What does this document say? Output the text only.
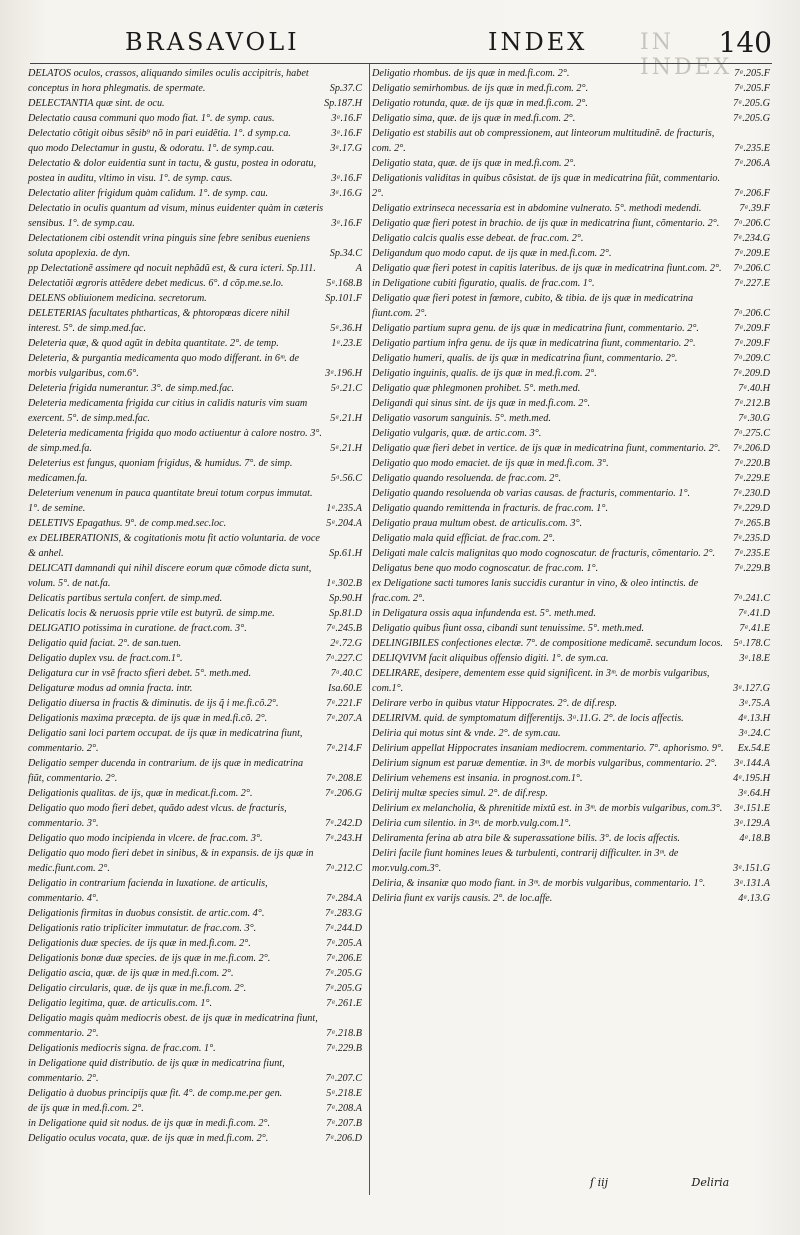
BRASAVOLI	INDEX IN INDEX
140
DELATOS oculos, crassos, aliquando similes oculis accipitris, habet conceptus in hora phlegmatis. de spermate.	Sp.37.C
DELECTANTIA quæ sint. de ocu.	Sp.187.H
Delectatio causa communi quo modo fiat. 1°. de symp. caus.	3ᵃ.16.F
Delectatio cõtigit oibus sẽsib⁹ nõ in pari euidẽtia. 1°. d symp.ca.	3ᵃ.16.F
quo modo Delectamur in gustu, & odoratu. 1°. de symp.cau.	3ᵃ.17.G
Delectatio & dolor euidentia sunt in tactu, & gustu, postea in odoratu, postea in auditu, vltimo in visu. 1°. de symp. caus.	3ᵃ.16.F
Delectatio aliter frigidum quàm calidum. 1°. de symp. cau.	3ᵃ.16.G
Delectatio in oculis quantum ad visum, minus euidenter quàm in cæteris sensibus. 1°. de symp.cau.	3ᵃ.16.F
Delectationem cibi ostendit vrina pinguis sine febre senibus eueniens soluta apoplexia. de dyn.	Sp.34.C
pp Delectationẽ assimere qd nocuit nephãdũ est, & cura icteri. Sp.111.	A
Delectatiõi ægroris attẽdere debet medicus. 6°. d cõp.me.se.lo.	5ᵃ.168.B
DELENS obliuionem medicina. secretorum.	Sp.101.F
DELETERIAS facultates phtharticas, & phtoropœas dicere nihil interest. 5°. de simp.med.fac.	5ᵃ.36.H
Deleteria quæ, & quod agũt in debita quantitate. 2°. de temp.	1ᵃ.23.E
Deleteria, & purgantia medicamenta quo modo differant. in 6ᵐ. de morbis vulgaribus, com.6°.	3ᵃ.196.H
Deleteria frigida numerantur. 3°. de simp.med.fac.	5ᵃ.21.C
Deleteria medicamenta frigida cur citius in calidis naturis vim suam exercent. 5°. de simp.med.fac.	5ᵃ.21.H
Deleteria medicamenta frigida quo modo actiuentur à calore nostro. 3°. de simp.med.fa.	5ᵃ.21.H
Deleterius est fungus, quoniam frigidus, & humidus. 7°. de simp. medicamen.fa.	5ᵃ.56.C
Deleterium venenum in pauca quantitate breui totum corpus immutat. 1°. de semine.	1ᵃ.235.A
DELETIVS Epagathus. 9°. de comp.med.sec.loc.	5ᵃ.204.A
ex DELIBERATIONIS, & cogitationis motu fit actio voluntaria. de voce & anhel.	Sp.61.H
DELICATI damnandi qui nihil discere eorum quæ cõmode dicta sunt, volum. 5°. de nat.fa.	1ᵃ.302.B
Delicatis partibus sertula confert. de simp.med.	Sp.90.H
Delicatis locis & neruosis pprie vtile est butyrũ. de simp.me.	Sp.81.D
DELIGATIO potissima in curatione. de fract.com. 3°.	7ᵃ.245.B
Deligatio quid faciat. 2°. de san.tuen.	2ᵃ.72.G
Deligatio duplex vsu. de fract.com.1°.	7ᵃ.227.C
Deligatura cur in vsẽ fracto sfieri debet. 5°. meth.med.	7ᵃ.40.C
Deligaturæ modus ad omnia fracta. intr.	Isa.60.E
Deligatio diuersa in fractis & diminutis. de ijs q̃ i me.fi.cõ.2°.	7ᵃ.221.F
Deligationis maxima præcepta. de ijs quæ in med.fi.cõ. 2°.	7ᵃ.207.A
Deligatio sani loci partem occupat. de ijs quæ in medicatrina fiunt, commentario. 2°.	7ᵃ.214.F
Deligatio semper ducenda in contrarium. de ijs quæ in medicatrina fiũt, commentario. 2°.	7ᵃ.208.E
Deligationis qualitas. de ijs, quæ in medicat.fi.com. 2°.	7ᵃ.206.G
Deligatio quo modo fieri debet, quãdo adest vlcus. de fracturis, commentario. 3°.	7ᵃ.242.D
Deligatio quo modo incipienda in vlcere. de frac.com. 3°.	7ᵃ.243.H
Deligatio quo modo fieri debet in sinibus, & in expansis. de ijs quæ in medic.fiunt.com. 2°.	7ᵃ.212.C
Deligatio in contrarium facienda in luxatione. de articulis, commentario. 4°.	7ᵃ.284.A
Deligationis firmitas in duobus consistit. de artic.com. 4°.	7ᵃ.283.G
Deligationis ratio tripliciter immutatur. de frac.com. 3°.	7ᵃ.244.D
Deligationis duæ species. de ijs quæ in med.fi.com. 2°.	7ᵃ.205.A
Deligationis bonæ duæ species. de ijs quæ in me.fi.com. 2°.	7ᵃ.206.E
Deligatio ascia, quæ. de ijs quæ in med.fi.com. 2°.	7ᵃ.205.G
Deligatio circularis, quæ. de ijs quæ in me.fi.com. 2°.	7ᵃ.205.G
Deligatio legitima, quæ. de articulis.com. 1°.	7ᵃ.261.E
Deligatio magis quàm mediocris obest. de ijs quæ in medicatrina fiunt, commentario. 2°.	7ᵃ.218.B
Deligationis mediocris signa. de frac.com. 1°.	7ᵃ.229.B
in Deligatione quid distributio. de ijs quæ in medicatrina fiunt, commentario. 2°.	7ᵃ.207.C
Deligatio à duobus principijs quæ fit. 4°. de comp.me.per gen.	5ᵃ.218.E
de ijs quæ in med.fi.com. 2°.	7ᵃ.208.A
in Deligatione quid sit nodus. de ijs quæ in medi.fi.com. 2°.	7ᵃ.207.B
Deligatio oculus vocata, quæ. de ijs quæ in med.fi.com. 2°.	7ᵃ.206.D
Deligatio rhombus. de ijs quæ in med.fi.com. 2°.	7ᵃ.205.F
Deligatio semirhombus. de ijs quæ in med.fi.com. 2°.	7ᵃ.205.F
Deligatio rotunda, quæ. de ijs quæ in med.fi.com. 2°.	7ᵃ.205.G
Deligatio sima, quæ. de ijs quæ in med.fi.com. 2°.	7ᵃ.205.G
Deligatio est stabilis aut ob compressionem, aut linteorum multitudinẽ. de fracturis, com. 2°.	7ᵃ.235.E
Deligatio stata, quæ. de ijs quæ in med.fi.com. 2°.	7ᵃ.206.A
Deligationis validitas in quibus cõsistat. de ijs quæ in medicatrina fiũt, commentario. 2°.	7ᵃ.206.F
Deligatio extrinseca necessaria est in abdomine vulnerato. 5°. methodi medendi.	7ᵃ.39.F
Deligatio quæ fieri potest in brachio. de ijs quæ in medicatrina fiunt, cõmentario. 2°.	7ᵃ.206.C
Deligatio calcis qualis esse debeat. de frac.com. 2°.	7ᵃ.234.G
Deligandum quo modo caput. de ijs quæ in med.fi.com. 2°.	7ᵃ.209.E
Deligatio quæ fieri potest in capitis lateribus. de ijs quæ in medicatrina fiunt.com. 2°.	7ᵃ.206.C
in Deligatione cubiti figuratio, qualis. de frac.com. 1°.	7ᵃ.227.E
Deligatio quæ fieri potest in fœmore, cubito, & tibia. de ijs quæ in medicatrina fiunt.com. 2°.	7ᵃ.206.C
Deligatio partium supra genu. de ijs quæ in medicatrina fiunt, commentario. 2°.	7ᵃ.209.F
Deligatio partium infra genu. de ijs quæ in medicatrina fiunt, commentario. 2°.	7ᵃ.209.F
Deligatio humeri, qualis. de ijs quæ in medicatrina fiunt, commentario. 2°.	7ᵃ.209.C
Deligatio inguinis, qualis. de ijs quæ in med.fi.com. 2°.	7ᵃ.209.D
Deligatio quæ phlegmonen prohibet. 5°. meth.med.	7ᵃ.40.H
Deligandi qui sinus sint. de ijs quæ in med.fi.com. 2°.	7ᵃ.212.B
Deligatio vasorum sanguinis. 5°. meth.med.	7ᵃ.30.G
Deligatio vulgaris, quæ. de artic.com. 3°.	7ᵃ.275.C
Deligatio quæ fieri debet in vertice. de ijs quæ in medicatrina fiunt, commentario. 2°.	7ᵃ.206.D
Deligatio quo modo emaciet. de ijs quæ in med.fi.com. 3°.	7ᵃ.220.B
Deligatio quando resoluenda. de frac.com. 2°.	7ᵃ.229.E
Deligatio quando resoluenda ob varias causas. de fracturis, commentario. 1°.	7ᵃ.230.D
Deligatio quando remittenda in fracturis. de frac.com. 1°.	7ᵃ.229.D
Deligatio praua multum obest. de articulis.com. 3°.	7ᵃ.265.B
Deligatio mala quid efficiat. de frac.com. 2°.	7ᵃ.235.D
Deligati male calcis malignitas quo modo cognoscatur. de fracturis, cõmentario. 2°.	7ᵃ.235.E
Deligatus bene quo modo cognoscatur. de frac.com. 1°.	7ᵃ.229.B
ex Deligatione sacti tumores lanis succidis curantur in vino, & oleo intinctis. de frac.com. 2°.	7ᵃ.241.C
in Deligatura ossis aqua infundenda est. 5°. meth.med.	7ᵃ.41.D
Deligatio quibus fiunt ossa, cibandi sunt tenuissime. 5°. meth.med.	7ᵃ.41.E
DELINGIBILES confectiones electæ. 7°. de compositione medicamẽ. secundum locos.	5ᵃ.178.C
DELIQVIVM facit aliquibus offensio digiti. 1°. de sym.ca.	3ᵃ.18.E
DELIRARE, desipere, dementem esse quid significent. in 3ᵐ. de morbis vulgaribus, com.1°.	3ᵃ.127.G
Delirare verbo in quibus vtatur Hippocrates. 2°. de dif.resp.	3ᵃ.75.A
DELIRIVM. quid. de symptomatum differentijs. 3ᵃ.11.G. 2°. de locis affectis.	4ᵃ.13.H
Deliria qui motus sint & vnde. 2°. de sym.cau.	3ᵃ.24.C
Delirium appellat Hippocrates insaniam mediocrem. commentario. 7°. aphorismo. 9°.	Ex.54.E
Delirium signum est paruæ dementiæ. in 3ᵐ. de morbis vulgaribus, commentario. 2°.	3ᵃ.144.A
Delirium vehemens est insania. in prognost.com.1°.	4ᵃ.195.H
Delirij multæ species simul. 2°. de dif.resp.	3ᵃ.64.H
Delirium ex melancholia, & phrenitide mixtũ est. in 3ᵐ. de morbis vulgaribus, com.3°.	3ᵃ.151.E
Deliria cum silentio. in 3ᵐ. de morb.vulg.com.1°.	3ᵃ.129.A
Deliramenta ferina ab atra bile & superassatione bilis. 3°. de locis affectis.	4ᵃ.18.B
Deliri facile fiunt homines leues & turbulenti, contrarij difficulter. in 3ᵐ. de mor.vulg.com.3°.	3ᵃ.151.G
Deliria, & insaniæ quo modo fiant. in 3ᵐ. de morbis vulgaribus, commentario. 1°.	3ᵃ.131.A
Deliria fiunt ex varijs causis. 2°. de loc.affe.	4ᵃ.13.G
ſ iij	Deliria
